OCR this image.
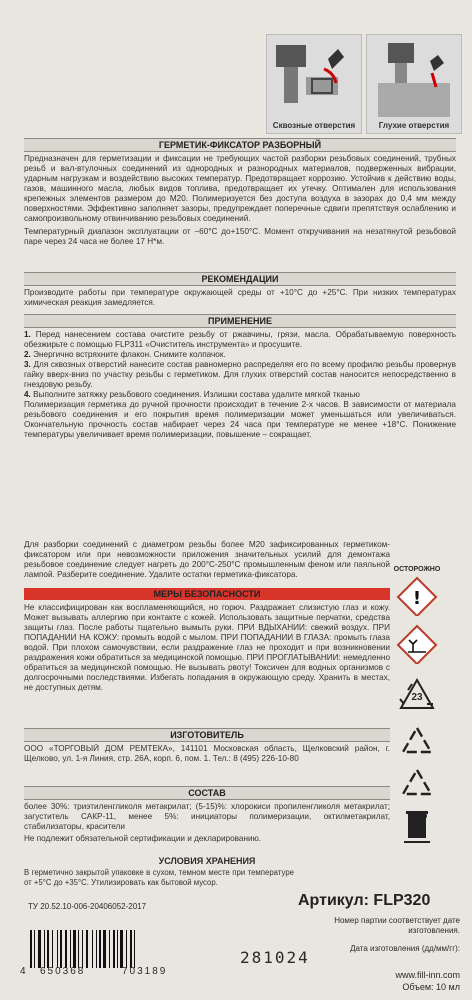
Сквозные отверстия	Глухие отверстия
ГЕРМЕТИК-ФИКСАТОР РАЗБОРНЫЙ

Предназначен для герметизации и фиксации не требующих частой разборки резьбовых соединений, трубных резьб и вал-втулочных соединений из однородных и разнородных материалов, подверженных вибрации, ударным нагрузкам и воздействию высоких температур. Предотвращает коррозию. Устойчив к действию воды, газов, машинного масла, любых видов топлива, предотвращает их утечку. Оптимален для использования крепежных элементов размером до М20. Полимеризуется без доступа воздуха в зазорах до 0,4 мм между поверхностями. Эффективно заполняет зазоры, предупреждает поперечные сдвиги препятствуя ослаблению и самопроизвольному отвинчиванию резьбовых соединений.

Температурный диапазон эксплуатации от −60°С до+150°С. Момент откручивания на незатянутой резьбовой паре через 24 часа не более 17 Н*м.

РЕКОМЕНДАЦИИ
Производите работы при температуре окружающей среды от +10°С до +25°С. При низких температурах химическая реакция замедляется.
ПРИМЕНЕНИЕ

1. Перед нанесением состава очистите резьбу от ржавчины, грязи, масла. Обрабатываемую поверхность обезжирьте с помощью FLP311 «Очиститель инструмента» и просушите.

2. Энергично встряхните флакон. Снимите колпачок.

3. Для сквозных отверстий нанесите состав равномерно распределяя его по всему профилю резьбы провернув гайку вверх-вниз по участку резьбы с герметиком. Для глухих отверстий состав наносится непосредственно в гнездовую резьбу.

4. Выполните затяжку резьбового соединения. Излишки состава удалите мягкой тканью

Полимеризация герметика до ручной прочности происходит в течение 2-х часов. В зависимости от материала резьбового соединения и его покрытия время полимеризации может уменьшаться или увеличиваться. Окончательную прочность состав набирает через 24 часа при температуре не менее +18°С. Понижение температуры увеличивает время полимеризации, повышение – сокращает.

Для разборки соединений с диаметром резьбы более М20 зафиксированных герметиком-фиксатором или при невозможности приложения значительных усилий для демонтажа резьбовое соединение следует нагреть до 200°С-250°С промышленным феном или паяльной лампой. Разберите соединение. Удалите остатки герметика-фиксатора.
ОСТОРОЖНО
!
23
МЕРЫ БЕЗОПАСНОСТИ
Не классифицирован как воспламеняющийся, но горюч. Раздражает слизистую глаз и кожу. Может вызывать аллергию при контакте с кожей. Использовать защитные перчатки, средства защиты глаз. После работы тщательно вымыть руки. ПРИ ВДЫХАНИИ: свежий воздух. ПРИ ПОПАДАНИИ НА КОЖУ: промыть водой с мылом. ПРИ ПОПАДАНИИ В ГЛАЗА: промыть глаза водой. При плохом самочувствии, если раздражение глаз не проходит и при возникновении раздражения кожи обратиться за медицинской помощью. ПРИ ПРОГЛАТЫВАНИИ: немедленно обратиться за медицинской помощью. Не вызывать рвоту! Токсичен для водных организмов с долгосрочными последствиями. Избегать попадания в окружающую среду. Хранить в местах, не доступных детям.
ИЗГОТОВИТЕЛЬ
ООО «ТОРГОВЫЙ ДОМ РЕМТЕКА», 141101 Московская область, Щелковский район, г. Щелково, ул. 1-я Линия, стр. 26А, корп. 6, пом. 1. Тел.: 8 (495) 226-10-80
СОСТАВ

более 30%: триэтиленгликоля метакрилат; (5-15)%: хлорокиси пропиленгликоля метакрилат; загуститель САКР-11, менее 5%: инициаторы полимеризации, октилметакрилат, стабилизаторы, красители

Не подлежит обязательной сертификации и декларированию.

УСЛОВИЯ ХРАНЕНИЯ
В герметично закрытой упаковке в сухом, темном месте при температуре от +5°С до +35°С. Утилизировать как бытовой мусор.
Артикул: FLP320
ТУ 20.52.10-006-20406052-2017
Номер партии соответствует дате изготовления.
Дата изготовления (дд/мм/гг):
281024
www.fill-inn.com
Объем: 10 мл
4 650368	703189
